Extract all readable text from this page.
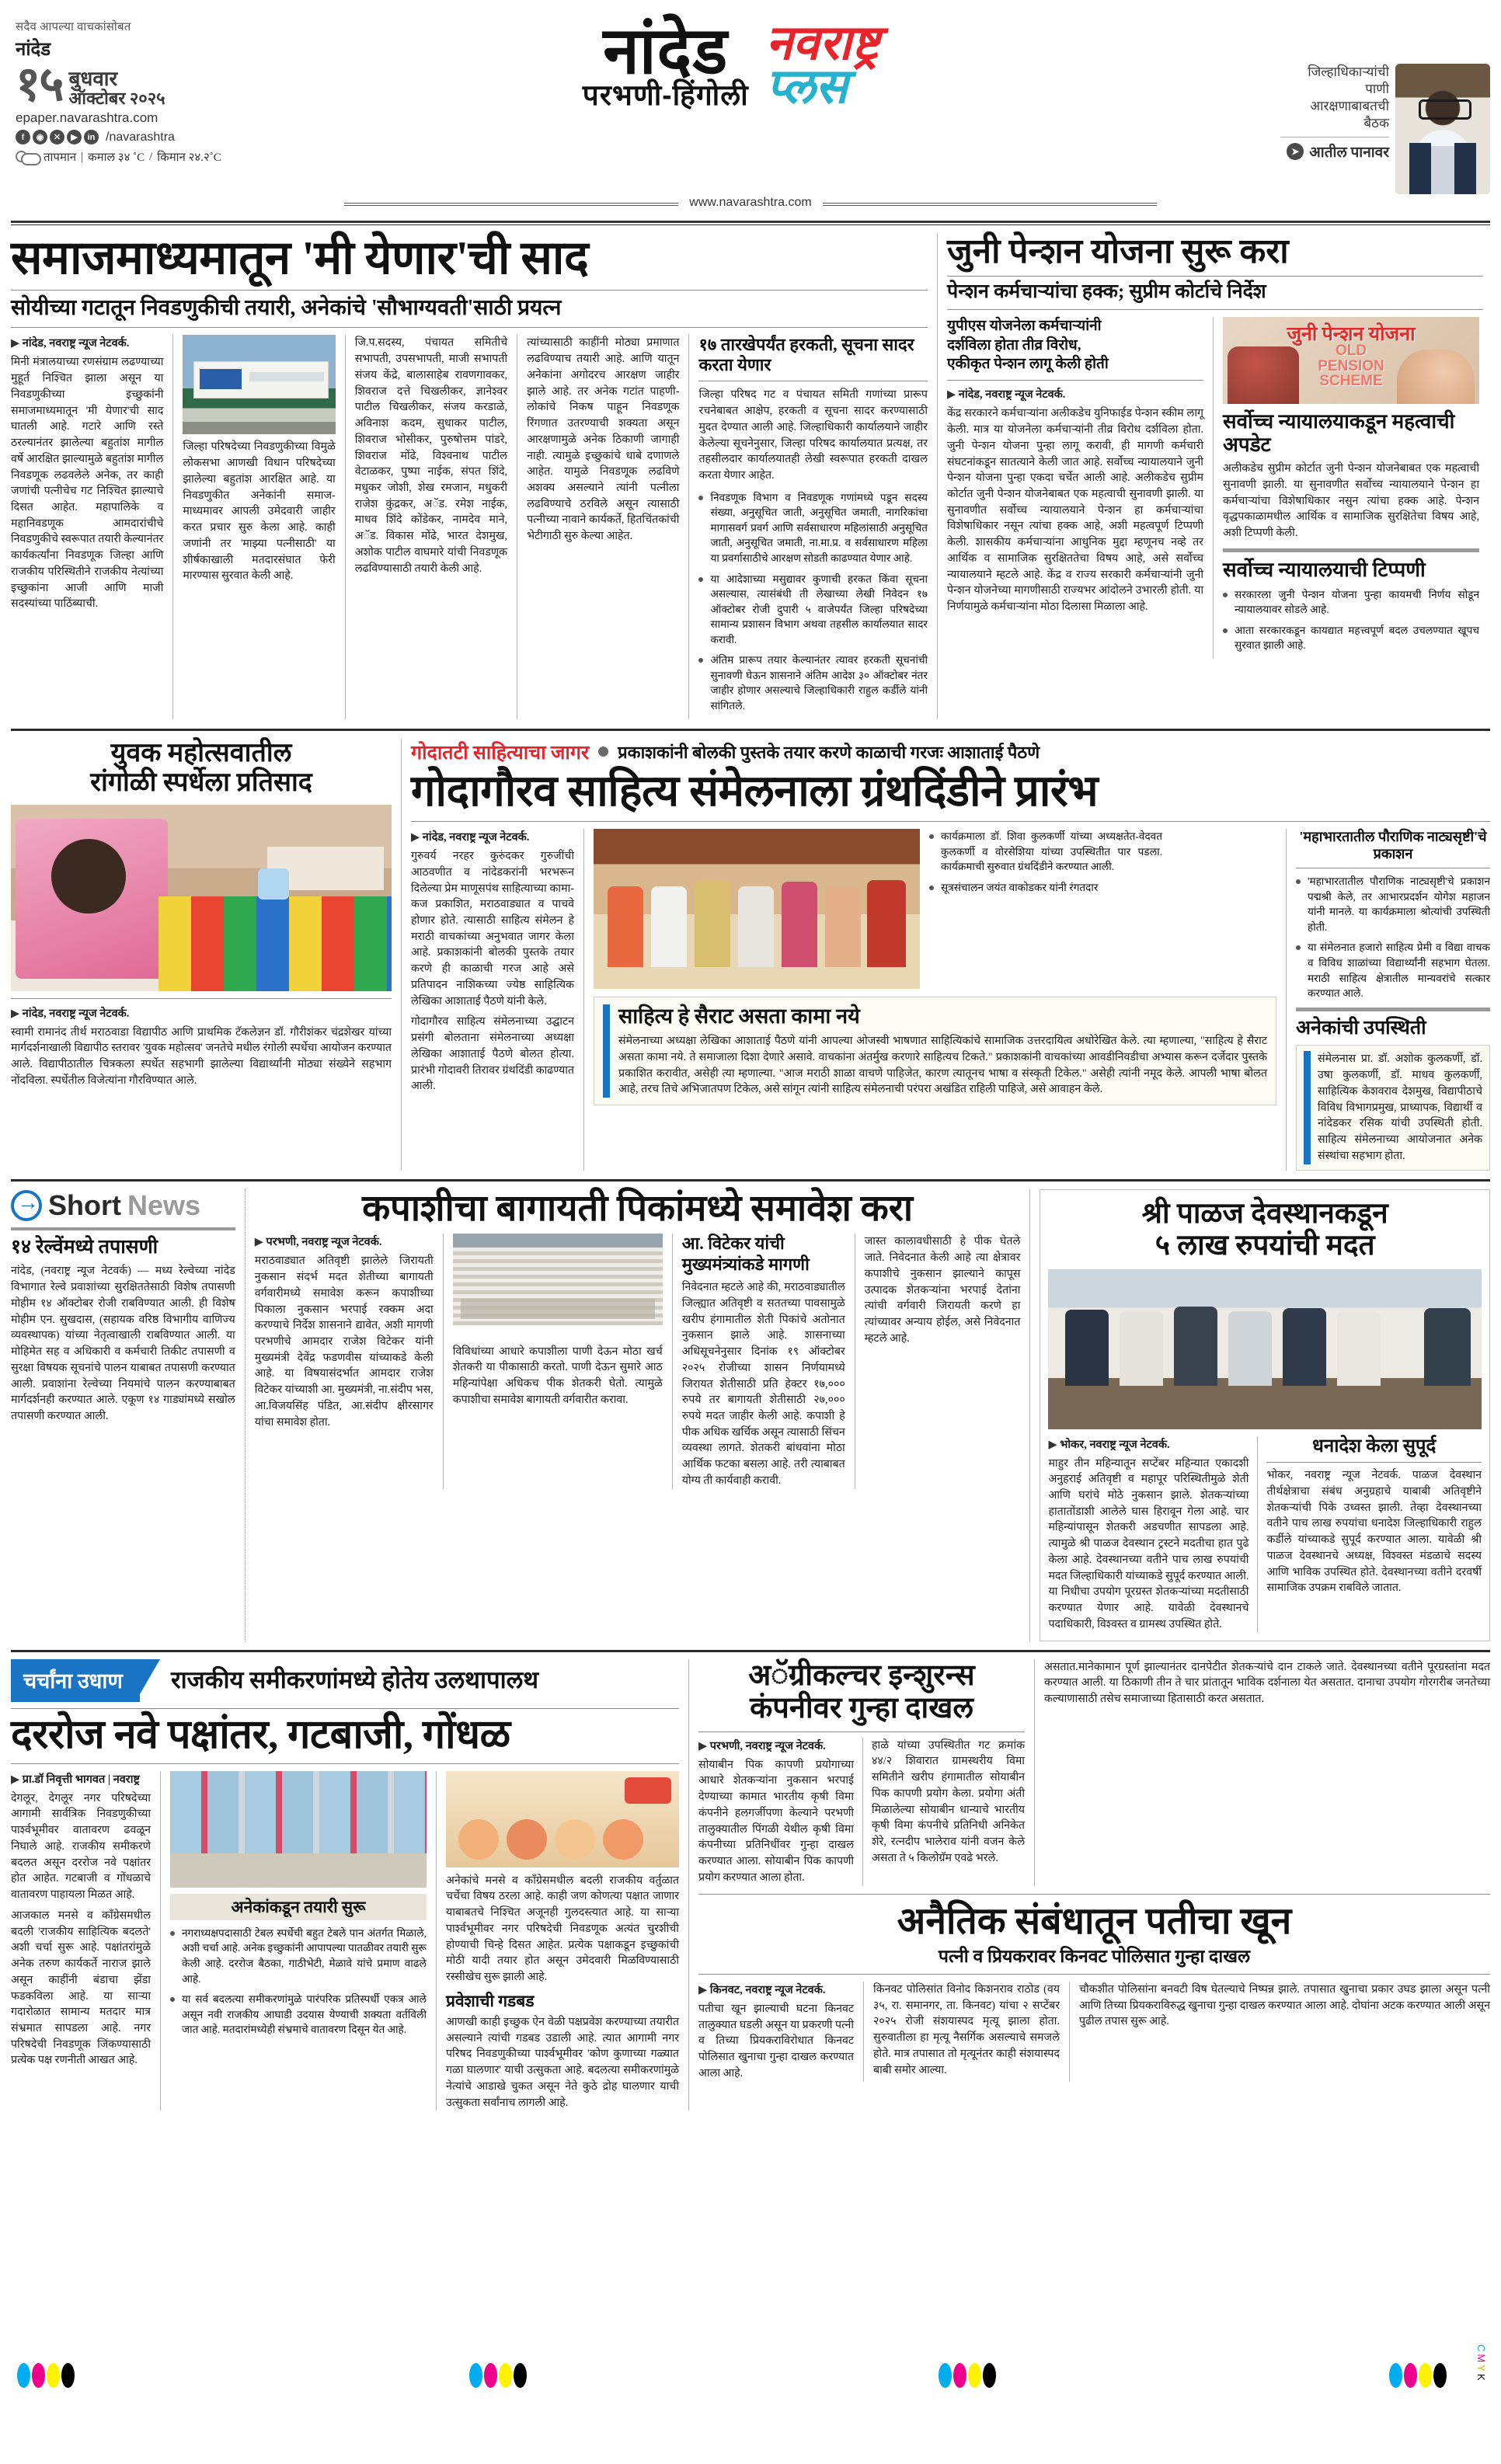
सदैव आपल्या वाचकांसोबत
नांदेड
१५ बुधवार
ऑक्टोबर २०२५
epaper.navarashtra.com
f	◉	✕	▶	in /navarashtra
तापमान | कमाल ३४ ˚C / किमान २४.२˚C
नांदेड
परभणी-हिंगोली
नवराष्ट्र
प्लस	जिल्हाधिकाऱ्यांची
पाणी
आरक्षणाबाबतची
बैठक
➤ आतील पानावर
www.navarashtra.com
समाजमाध्यमातून 'मी येणार'ची साद
सोयीच्या गटातून निवडणुकीची तयारी, अनेकांचे 'सौभाग्यवती'साठी प्रयत्न
▶ नांदेड, नवराष्ट्र न्यूज नेटवर्क.
मिनी मंत्रालयाच्या रणसंग्राम लढण्याच्या मुहूर्त निश्चित झाला असून या निवडणुकीच्या इच्छुकांनी समाजमाध्यमातून 'मी येणार'ची साद घातली आहे. गटारे आणि रस्ते ठरल्यानंतर झालेल्या बहुतांश मागील वर्षे आरक्षित झाल्यामुळे बहुतांश मागील निवडणूक लढवलेले अनेक, तर काही जणांची पत्नीचेच गट निश्चित झाल्याचे दिसत आहेत. महापालिके व महानिवडणूक आमदारांचीचे निवडणुकीचे स्वरूपात तयारी केल्यानंतर कार्यकर्त्यांना निवडणूक जिल्हा आणि राजकीय परिस्थितीने राजकीय नेत्यांच्या इच्छुकांना आजी आणि माजी सदस्यांच्या पाठिंब्याची.
जिल्हा परिषदेच्या निवडणुकीच्या विमुळे लोकसभा आणखी विधान परिषदेच्या झालेल्या बहुतांश आरक्षित आहे. या निवडणुकीत अनेकांनी समाज-माध्यमावर आपली उमेदवारी जाहीर करत प्रचार सुरु केला आहे. काही जणांनी तर 'माझ्या पत्नीसाठी' या शीर्षकाखाली मतदारसंघात फेरी मारण्यास सुरवात केली आहे.
जि.प.सदस्य, पंचायत समितीचे सभापती, उपसभापती, माजी सभापती संजय केंद्रे, बालासाहेब रावणगावकर, शिवराज दत्ते चिखलीकर, ज्ञानेश्वर पाटील चिखलीकर, संजय करडाळे, अविनाश कदम, सुधाकर पाटील, शिवराज भोसीकर, पुरुषोत्तम पांडरे, शिवराज मोंढे, विश्वनाथ पाटील वेटाळकर, पुष्पा नाईक, संपत शिंदे, मधुकर जोशी, शेख रमजान, मधुकरी राजेश कुंद्रकर, अॅड. रमेश नाईक, माधव शिंदे कोंडेकर, नामदेव माने, अॅड. विकास मोंढे, भारत देशमुख, अशोक पाटील वाघमारे यांची निवडणूक लढविण्यासाठी तयारी केली आहे.
त्यांच्यासाठी काहींनी मोठ्या प्रमाणात लढविण्याच तयारी आहे. आणि यातून अनेकांना अगोदरच आरक्षण जाहीर झाले आहे. तर अनेक गटांत पाहणी-लोकांचे निकष पाहून निवडणूक रिंगणात उतरण्याची शक्यता असून आरक्षणामुळे अनेक ठिकाणी जागाही नाही. त्यामुळे इच्छुकांचे धाबे दणाणले आहेत. यामुळे निवडणूक लढविणे अशक्य असल्याने त्यांनी पत्नीला लढविण्याचे ठरविले असून त्यासाठी पत्नीच्या नावाने कार्यकर्ते, हितचिंतकांची भेटीगाठी सुरु केल्या आहेत.
१७ तारखेपर्यंत हरकती, सूचना सादर करता येणार
जिल्हा परिषद गट व पंचायत समिती गणांच्या प्रारूप रचनेबाबत आक्षेप, हरकती व सूचना सादर करण्यासाठी मुदत देण्यात आली आहे. जिल्हाधिकारी कार्यालयाने जाहीर केलेल्या सूचनेनुसार, जिल्हा परिषद कार्यालयात प्रत्यक्ष, तर तहसीलदार कार्यालयातही लेखी स्वरूपात हरकती दाखल करता येणार आहेत.
निवडणूक विभाग व निवडणूक गणांमध्ये पडून सदस्य संख्या, अनुसूचित जाती, अनुसूचित जमाती, नागरिकांचा मागासवर्ग प्रवर्ग आणि सर्वसाधारण महिलांसाठी अनुसूचित जाती, अनुसूचित जमाती, ना.मा.प्र. व सर्वसाधारण महिला या प्रवर्गासाठीचे आरक्षण सोडती काढण्यात येणार आहे.
या आदेशाच्या मसुद्यावर कुणाची हरकत किंवा सूचना असल्यास, त्यासंबंधी ती लेखाच्या लेखी निवेदन १७ ऑक्टोबर रोजी दुपारी ५ वाजेपर्यंत जिल्हा परिषदेच्या सामान्य प्रशासन विभाग अथवा तहसील कार्यालयात सादर करावी.
अंतिम प्रारूप तयार केल्यानंतर त्यावर हरकती सूचनांची सुनावणी घेऊन शासनाने अंतिम आदेश ३० ऑक्टोबर नंतर जाहीर होणार असल्याचे जिल्हाधिकारी राहुल कर्डीले यांनी सांगितले.
जुनी पेन्शन योजना सुरू करा
पेन्शन कर्मचाऱ्यांचा हक्क; सुप्रीम कोर्टाचे निर्देश
युपीएस योजनेला कर्मचाऱ्यांनी
दर्शविला होता तीव्र विरोध,
एकीकृत पेन्शन लागू केली होती
▶ नांदेड, नवराष्ट्र न्यूज नेटवर्क.
केंद्र सरकारने कर्मचाऱ्यांना अलीकडेच युनिफाईड पेन्शन स्कीम लागू केली. मात्र या योजनेला कर्मचाऱ्यांनी तीव्र विरोध दर्शविला होता. जुनी पेन्शन योजना पुन्हा लागू करावी, ही मागणी कर्मचारी संघटनांकडून सातत्याने केली जात आहे. सर्वोच्च न्यायालयाने जुनी पेन्शन योजना पुन्हा एकदा चर्चेत आली आहे. अलीकडेच सुप्रीम कोर्टात जुनी पेन्शन योजनेबाबत एक महत्वाची सुनावणी झाली. या सुनावणीत सर्वोच्च न्यायालयाने पेन्शन हा कर्मचाऱ्यांचा विशेषाधिकार नसून त्यांचा हक्क आहे, अशी महत्वपूर्ण टिप्पणी केली. शासकीय कर्मचाऱ्यांना आधुनिक मुद्दा म्हणूनच नव्हे तर आर्थिक व सामाजिक सुरक्षिततेचा विषय आहे, असे सर्वोच्च न्यायालयाने म्हटले आहे. केंद्र व राज्य सरकारी कर्मचाऱ्यांनी जुनी पेन्शन योजनेच्या मागणीसाठी राज्यभर आंदोलने उभारली होती. या निर्णयामुळे कर्मचाऱ्यांना मोठा दिलासा मिळाला आहे.
जुनी पेन्शन योजना
OLD
PENSION
SCHEME
सर्वोच्च न्यायालयाकडून महत्वाची अपडेट
अलीकडेच सुप्रीम कोर्टात जुनी पेन्शन योजनेबाबत एक महत्वाची सुनावणी झाली. या सुनावणीत सर्वोच्च न्यायालयाने पेन्शन हा कर्मचाऱ्यांचा विशेषाधिकार नसुन त्यांचा हक्क आहे. पेन्शन वृद्धपकाळामधील आर्थिक व सामाजिक सुरक्षितेचा विषय आहे, अशी टिप्पणी केली.
सर्वोच्च न्यायालयाची टिप्पणी
सरकारला जुनी पेन्शन योजना पुन्हा कायमची निर्णय सोडून न्यायालयावर सोडले आहे.
आता सरकारकडून कायद्यात महत्त्वपूर्ण बदल उचलण्यात खूपच सुरवात झाली आहे.
युवक महोत्सवातील
रांगोळी स्पर्धेला प्रतिसाद
▶ नांदेड, नवराष्ट्र न्यूज नेटवर्क.
स्वामी रामानंद तीर्थ मराठवाडा विद्यापीठ आणि प्राथमिक टॅकलेज्ञन डॉ. गौरीशंकर चंद्रशेखर यांच्या मार्गदर्शनाखाली विद्यापीठ स्तरावर 'युवक महोत्सव' जनतेचे मधील रंगोली स्पर्धेचा आयोजन करण्यात आले. विद्यापीठातील चित्रकला स्पर्धेत सहभागी झालेल्या विद्यार्थ्यांनी मोठ्या संख्येने सहभाग नोंदविला. स्पर्धेतील विजेत्यांना गौरविण्यात आले.
गोदातटी साहित्याचा जागर प्रकाशकांनी बोलकी पुस्तके तयार करणे काळाची गरजः आशाताई पैठणे
गोदागौरव साहित्य संमेलनाला ग्रंथदिंडीने प्रारंभ
▶ नांदेड, नवराष्ट्र न्यूज नेटवर्क.
गुरुवर्य नरहर कुरुंदकर गुरुजींची आठवणीत व नांदेडकरांनी भरभरून दिलेल्या प्रेम माणूसपंथ साहित्याच्या कामा-कज प्रकाशित, मराठवाड्यात व पाचवे होणार होते. त्यासाठी साहित्य संमेलन हे मराठी वाचकांच्या अनुभवात जागर केला आहे. प्रकाशकांनी बोलकी पुस्तके तयार करणे ही काळाची गरज आहे असे प्रतिपादन नाशिकच्या ज्येष्ठ साहित्यिक लेखिका आशाताई पैठणे यांनी केले.
गोदागौरव साहित्य संमेलनाच्या उद्घाटन प्रसंगी बोलताना संमेलनाच्या अध्यक्षा लेखिका आशाताई पैठणे बोलत होत्या. प्रारंभी गोदावरी तिरावर ग्रंथदिंडी काढण्यात आली.
कार्यक्रमाला डॉ. शिवा कुलकर्णी यांच्या अध्यक्षतेत-वेदवत कुलकर्णी व वोरसेशिया यांच्या उपस्थितीत पार पडला. कार्यक्रमाची सुरुवात ग्रंथदिंडीने करण्यात आली.
सूत्रसंचालन जयंत वाकोडकर यांनी रंगतदार
साहित्य हे सैराट असता कामा नये
संमेलनाच्या अध्यक्षा लेखिका आशाताई पैठणे यांनी आपल्या ओजस्वी भाषणात साहित्यिकांचे सामाजिक उत्तरदायित्व अधोरेखित केले. त्या म्हणाल्या, "साहित्य हे सैराट असता कामा नये. ते समाजाला दिशा देणारे असावे. वाचकांना अंतर्मुख करणारे साहित्यच टिकते." प्रकाशकांनी वाचकांच्या आवडीनिवडीचा अभ्यास करून दर्जेदार पुस्तके प्रकाशित करावीत, असेही त्या म्हणाल्या. "आज मराठी शाळा वाचणे पाहिजेत, कारण त्यातूनच भाषा व संस्कृती टिकेल." असेही त्यांनी नमूद केले. आपली भाषा बोलत आहे, तरच तिचे अभिजातपण टिकेल, असे सांगून त्यांनी साहित्य संमेलनाची परंपरा अखंडित राहिली पाहिजे, असे आवाहन केले.
'महाभारतातील पौराणिक नाट्यसृष्टी'चे प्रकाशन
'महाभारतातील पौराणिक नाट्यसृष्टी'चे प्रकाशन पद्मश्री केले, तर आभारप्रदर्शन योगेश महाजन यांनी मानले. या कार्यक्रमाला श्रोत्यांची उपस्थिती होती.
या संमेलनात हजारो साहित्य प्रेमी व विद्या वाचक व विविध शाळांच्या विद्यार्थ्यांनी सहभाग घेतला. मराठी साहित्य क्षेत्रातील मान्यवरांचे सत्कार करण्यात आले.
अनेकांची उपस्थिती
संमेलनास प्रा. डॉ. अशोक कुलकर्णी, डॉ. उषा कुलकर्णी, डॉ. माधव कुलकर्णी, साहित्यिक केशवराव देशमुख, विद्यापीठाचे विविध विभागप्रमुख, प्राध्यापक, विद्यार्थी व नांदेडकर रसिक यांची उपस्थिती होती. साहित्य संमेलनाच्या आयोजनात अनेक संस्थांचा सहभाग होता.
→
Short News
१४ रेल्वेंमध्ये तपासणी
नांदेड, (नवराष्ट्र न्यूज नेटवर्क) — मध्य रेल्वेच्या नांदेड विभागात रेल्वे प्रवाशांच्या सुरक्षिततेसाठी विशेष तपासणी मोहीम १४ ऑक्टोबर रोजी राबविण्यात आली. ही विशेष मोहीम एन. सुखदास, (सहायक वरिष्ठ विभागीय वाणिज्य व्यवस्थापक) यांच्या नेतृत्वाखाली राबविण्यात आली. या मोहिमेत सह व अधिकारी व कर्मचारी तिकीट तपासणी व सुरक्षा विषयक सूचनांचे पालन याबाबत तपासणी करण्यात आली. प्रवाशांना रेल्वेच्या नियमांचे पालन करण्याबाबत मार्गदर्शनही करण्यात आले. एकूण १४ गाड्यांमध्ये सखोल तपासणी करण्यात आली.
कपाशीचा बागायती पिकांमध्ये समावेश करा
▶ परभणी, नवराष्ट्र न्यूज नेटवर्क.
मराठवाड्यात अतिवृष्टी झालेले जिरायती नुकसान संदर्भ मदत शेतीच्या बागायती वर्गवारीमध्ये समावेश करून कपाशीच्या पिकाला नुकसान भरपाई रक्कम अदा करण्याचे निर्देश शासनाने द्यावेत, अशी मागणी परभणीचे आमदार राजेश विटेकर यांनी मुख्यमंत्री देवेंद्र फडणवीस यांच्याकडे केली आहे. या विषयासंदर्भात आमदार राजेश विटेकर यांच्याशी आ. मुख्यमंत्री, ना.संदीप भस, आ.विजयसिंह पंडित, आ.संदीप क्षीरसागर यांचा समावेश होता.

विविधांच्या आधारे कपाशीला पाणी देऊन मोठा खर्च शेतकरी या पीकासाठी करतो. पाणी देऊन सुमारे आठ महिन्यांपेक्षा अधिकच पीक शेतकरी घेतो. त्यामुळे कपाशीचा समावेश बागायती वर्गवारीत करावा.
आ. विटेकर यांची मुख्यमंत्र्यांकडे मागणी
निवेदनात म्हटले आहे की, मराठवाड्यातील जिल्ह्यात अतिवृष्टी व सततच्या पावसामुळे खरीप हंगामातील शेती पिकांचे अतोनात नुकसान झाले आहे. शासनाच्या अधिसूचनेनुसार दिनांक १९ ऑक्टोबर २०२५ रोजीच्या शासन निर्णयामध्ये जिरायत शेतीसाठी प्रति हेक्टर १७,००० रुपये तर बागायती शेतीसाठी २७,००० रुपये मदत जाहीर केली आहे. कपाशी हे पीक अधिक खर्चिक असून त्यासाठी सिंचन व्यवस्था लागते. शेतकरी बांधवांना मोठा आर्थिक फटका बसला आहे. तरी त्याबाबत योग्य ती कार्यवाही करावी.
जास्त कालावधीसाठी हे पीक घेतले जाते. निवेदनात केली आहे त्या क्षेत्रावर कपाशीचे नुकसान झाल्याने कापूस उत्पादक शेतकऱ्यांना भरपाई देतांना त्यांची वर्गवारी जिरायती करणे हा त्यांच्यावर अन्याय होईल, असे निवेदनात म्हटले आहे.
श्री पाळज देवस्थानकडून
५ लाख रुपयांची मदत
▶ भोकर, नवराष्ट्र न्यूज नेटवर्क.
माहुर तीन महिन्यातून सप्टेंबर महिन्यात एकादशी अनुहराई अतिवृष्टी व महापूर परिस्थितीमुळे शेती आणि घरांचे मोठे नुकसान झाले. शेतकऱ्यांच्या हातातोंडाशी आलेले घास हिरावून गेला आहे. चार महिन्यांपासून शेतकरी अडचणीत सापडला आहे. त्यामुळे श्री पाळज देवस्थान ट्रस्टने मदतीचा हात पुढे केला आहे. देवस्थानच्या वतीने पाच लाख रुपयांची मदत जिल्हाधिकारी यांच्याकडे सुपूर्द करण्यात आली. या निधीचा उपयोग पूरग्रस्त शेतकऱ्यांच्या मदतीसाठी करण्यात येणार आहे. यावेळी देवस्थानचे पदाधिकारी, विश्वस्त व ग्रामस्थ उपस्थित होते.
धनादेश केला सुपूर्द
भोकर, नवराष्ट्र न्यूज नेटवर्क. पाळज देवस्थान तीर्थक्षेत्राचा संबंध अनुग्रहाचे याबाबी अतिवृष्टीने शेतकऱ्यांची पिके उध्वस्त झाली. तेव्हा देवस्थानच्या वतीने पाच लाख रुपयांचा धनादेश जिल्हाधिकारी राहुल कर्डीले यांच्याकडे सुपूर्द करण्यात आला. यावेळी श्री पाळज देवस्थानचे अध्यक्ष, विश्वस्त मंडळाचे सदस्य आणि भाविक उपस्थित होते. देवस्थानच्या वतीने दरवर्षी सामाजिक उपक्रम राबविले जातात.
चर्चांना उधाण	राजकीय समीकरणांमध्ये होतेय उलथापालथ
दररोज नवे पक्षांतर, गटबाजी, गोंधळ
▶ प्रा.डॉ निवृत्ती भागवत | नवराष्ट्र
देगलूर, देगलूर नगर परिषदेच्या आगामी सार्वत्रिक निवडणुकीच्या पार्श्वभूमीवर वातावरण ढवळून निघाले आहे. राजकीय समीकरणे बदलत असून दररोज नवे पक्षांतर होत आहेत. गटबाजी व गोंधळाचे वातावरण पाहायला मिळत आहे.
आजकाल मनसे व काँग्रेसमधील बदली 'राजकीय साहित्यिक बदलते' अशी चर्चा सुरू आहे. पक्षांतरांमुळे अनेक तरुण कार्यकर्ते नाराज झाले असून काहींनी बंडाचा झेंडा फडकविला आहे. या साऱ्या गदारोळात सामान्य मतदार मात्र संभ्रमात सापडला आहे. नगर परिषदेची निवडणूक जिंकण्यासाठी प्रत्येक पक्ष रणनीती आखत आहे.
अनेकांकडून तयारी सुरू
नगराध्यक्षपदासाठी टेबल स्पर्धेची बहुत टेबले पान अंतर्गत मिळाले, अशी चर्चा आहे. अनेक इच्छुकांनी आपापल्या पातळीवर तयारी सुरू केली आहे. दररोज बैठका, गाठीभेटी, मेळावे यांचे प्रमाण वाढले आहे.
या सर्व बदलत्या समीकरणांमुळे पारंपरिक प्रतिस्पर्धी एकत्र आले असून नवी राजकीय आघाडी उदयास येण्याची शक्यता वर्तविली जात आहे. मतदारांमध्येही संभ्रमाचे वातावरण दिसून येत आहे.
अनेकांचे मनसे व काँग्रेसमधील बदली राजकीय वर्तुळात चर्चेचा विषय ठरला आहे. काही जण कोणत्या पक्षात जाणार याबाबतचे निश्चित अजूनही गुलदस्त्यात आहे. या साऱ्या पार्श्वभूमीवर नगर परिषदेची निवडणूक अत्यंत चुरशीची होण्याची चिन्हे दिसत आहेत. प्रत्येक पक्षाकडून इच्छुकांची मोठी यादी तयार होत असून उमेदवारी मिळविण्यासाठी रस्सीखेच सुरू झाली आहे.
प्रवेशाची गडबड
आणखी काही इच्छुक ऐन वेळी पक्षप्रवेश करण्याच्या तयारीत असल्याने त्यांची गडबड उडाली आहे. त्यात आगामी नगर परिषद निवडणुकीच्या पार्श्वभूमीवर 'कोण कुणाच्या गळ्यात गळा घालणार' याची उत्सुकता आहे. बदलत्या समीकरणांमुळे नेत्यांचे आडाखे चुकत असून नेते कुठे द्रोह घालणार याची उत्सुकता सर्वांनाच लागली आहे.
अॅग्रीकल्चर इन्शुरन्स
कंपनीवर गुन्हा दाखल
▶ परभणी, नवराष्ट्र न्यूज नेटवर्क.
सोयाबीन पिक कापणी प्रयोगाच्या आधारे शेतकऱ्यांना नुकसान भरपाई देण्याच्या कामात भारतीय कृषी विमा कंपनीने हलगर्जीपणा केल्याने परभणी तालुक्यातील पिंगळी येथील कृषी विमा कंपनीच्या प्रतिनिधींवर गुन्हा दाखल करण्यात आला. सोयाबीन पिक कापणी प्रयोग करण्यात आला होता.
हाळे यांच्या उपस्थितीत गट क्रमांक ४४/२ शिवारात ग्रामस्थरीय विमा समितीने खरीप हंगामातील सोयाबीन पिक कापणी प्रयोग केला. प्रयोगा अंती मिळालेल्या सोयाबीन धान्याचे भारतीय कृषी विमा कंपनीचे प्रतिनिधी अनिकेत शेरे, रत्नदीप भालेराव यांनी वजन केले असता ते ५ किलोग्रॅम एवढे भरले.
असतात.मानेकामान पूर्ण झाल्यानंतर दानपेटीत शेतकऱ्यांचे दान टाकले जाते. देवस्थानच्या वतीने पूरग्रस्तांना मदत करण्यात आली. या ठिकाणी तीन ते चार प्रांतातून भाविक दर्शनाला येत असतात. दानाचा उपयोग गोरगरीब जनतेच्या कल्याणासाठी तसेच समाजाच्या हितासाठी करत असतात.
अनैतिक संबंधातून पतीचा खून
पत्नी व प्रियकरावर किनवट पोलिसात गुन्हा दाखल
▶ किनवट, नवराष्ट्र न्यूज नेटवर्क.
पतीचा खून झाल्याची घटना किनवट तालुक्यात घडली असून या प्रकरणी पत्नी व तिच्या प्रियकराविरोधात किनवट पोलिसात खुनाचा गुन्हा दाखल करण्यात आला आहे.
किनवट पोलिसांत विनोद किशनराव राठोड (वय ३५, रा. समानगर, ता. किनवट) यांचा २ सप्टेंबर २०२५ रोजी संशयास्पद मृत्यू झाला होता. सुरुवातीला हा मृत्यू नैसर्गिक असल्याचे समजले होते. मात्र तपासात तो मृत्यूनंतर काही संशयास्पद बाबी समोर आल्या.
चौकशीत पोलिसांना बनवटी विष घेतल्याचे निष्पन्न झाले. तपासात खुनाचा प्रकार उघड झाला असून पत्नी आणि तिच्या प्रियकराविरुद्ध खुनाचा गुन्हा दाखल करण्यात आला आहे. दोघांना अटक करण्यात आली असून पुढील तपास सुरू आहे.
CMYK
